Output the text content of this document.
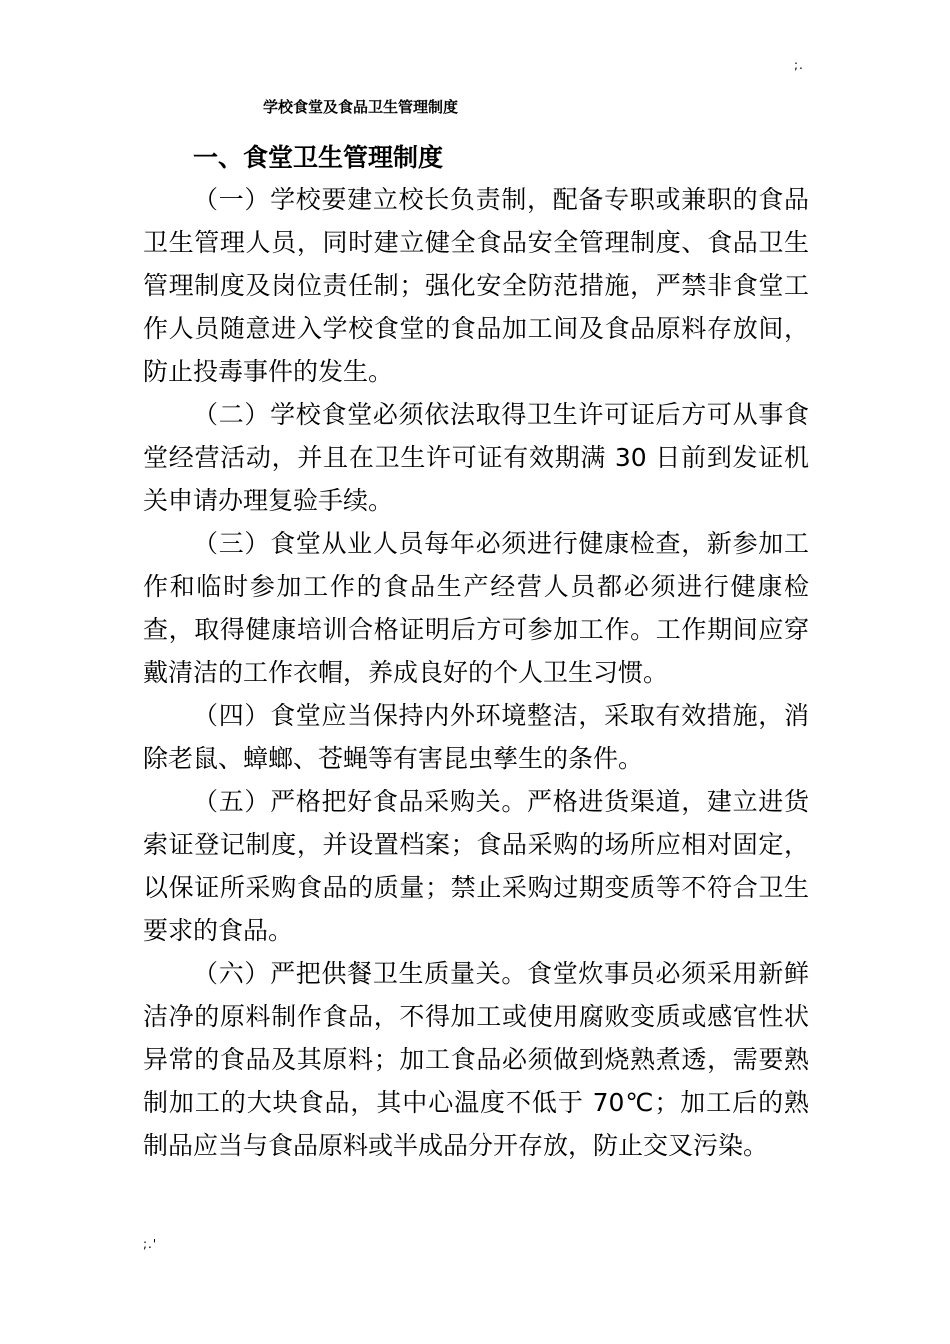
;.
学校食堂及食品卫生管理制度
一、食堂卫生管理制度

（一）学校要建立校长负责制，配备专职或兼职的食品卫生管理人员，同时建立健全食品安全管理制度、食品卫生管理制度及岗位责任制；强化安全防范措施，严禁非食堂工作人员随意进入学校食堂的食品加工间及食品原料存放间，防止投毒事件的发生。

（二）学校食堂必须依法取得卫生许可证后方可从事食堂经营活动，并且在卫生许可证有效期满 30 日前到发证机关申请办理复验手续。

（三）食堂从业人员每年必须进行健康检查，新参加工作和临时参加工作的食品生产经营人员都必须进行健康检查，取得健康培训合格证明后方可参加工作。工作期间应穿戴清洁的工作衣帽，养成良好的个人卫生习惯。

（四）食堂应当保持内外环境整洁，采取有效措施，消除老鼠、蟑螂、苍蝇等有害昆虫孳生的条件。

（五）严格把好食品采购关。严格进货渠道，建立进货索证登记制度，并设置档案；食品采购的场所应相对固定，以保证所采购食品的质量；禁止采购过期变质等不符合卫生要求的食品。

（六）严把供餐卫生质量关。食堂炊事员必须采用新鲜洁净的原料制作食品，不得加工或使用腐败变质或感官性状异常的食品及其原料；加工食品必须做到烧熟煮透，需要熟制加工的大块食品，其中心温度不低于 70℃；加工后的熟制品应当与食品原料或半成品分开存放，防止交叉污染。

;.'
